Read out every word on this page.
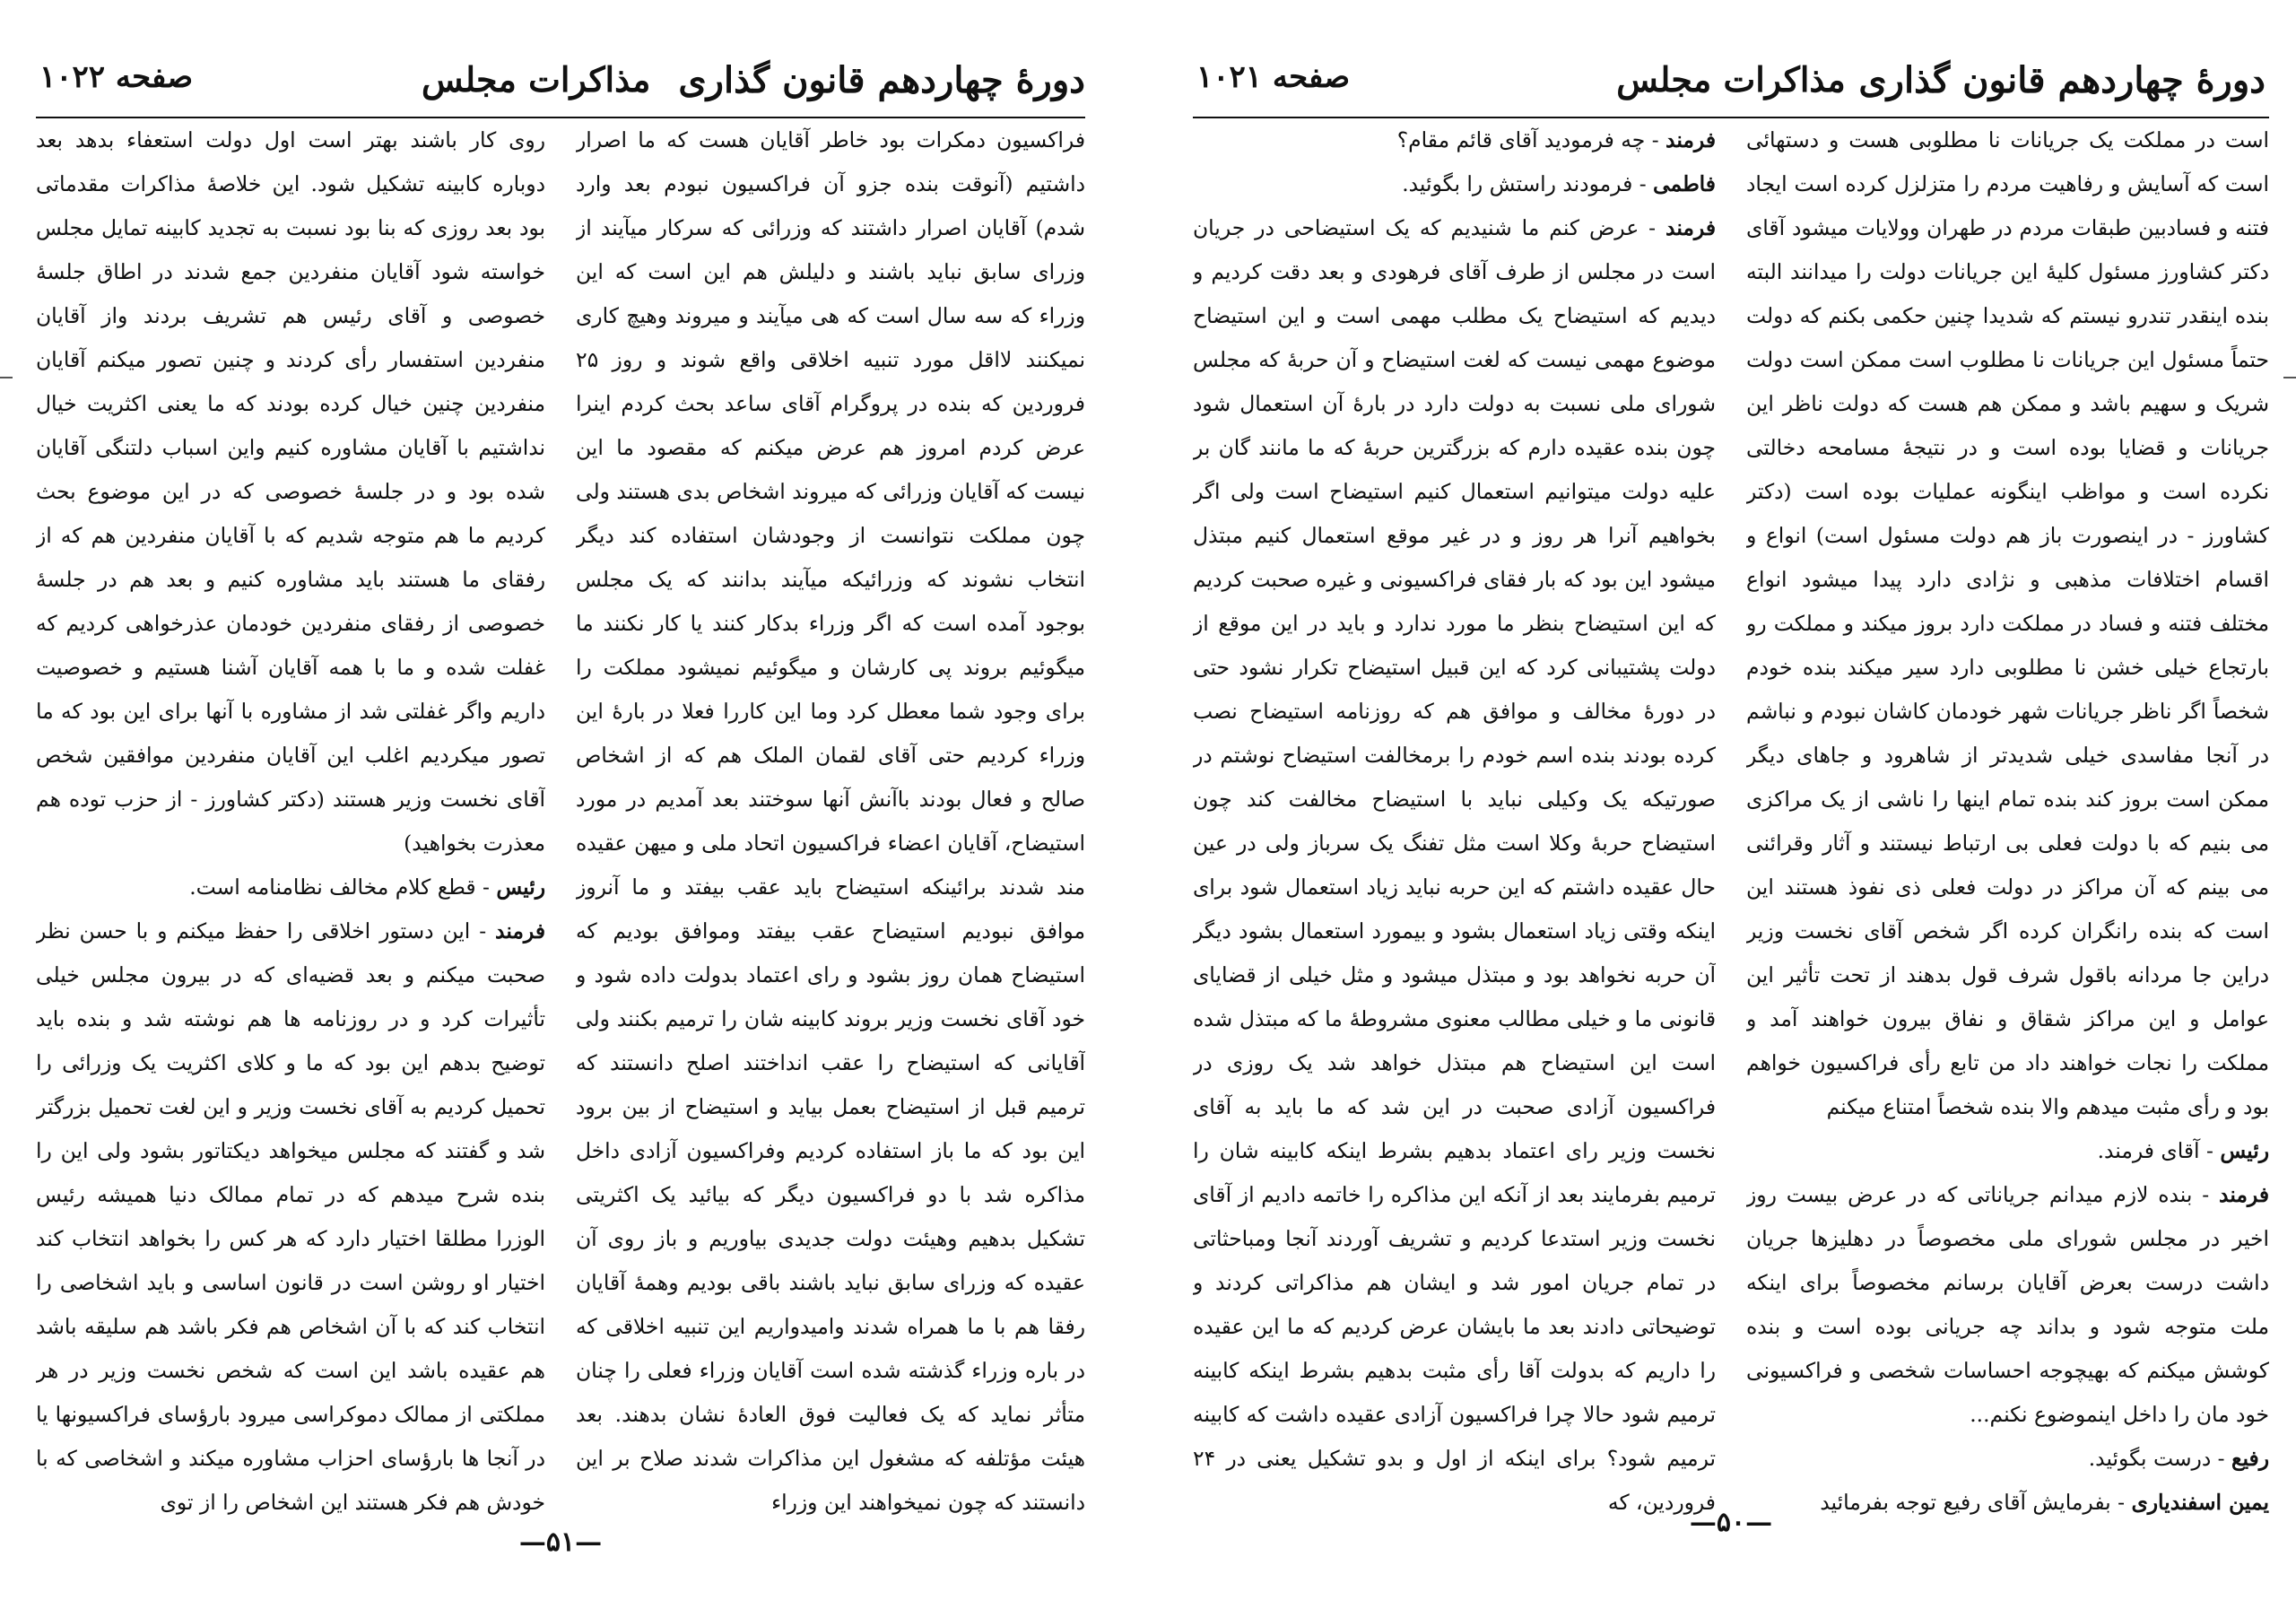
دورهٔ چهاردهم قانون گذاری
مذاکرات مجلس
صفحه ۱۰۲۲

فراکسیون دمکرات بود خاطر آقایان هست که ما اصرار داشتیم (آنوقت بنده جزو آن فراکسیون نبودم بعد وارد شدم) آقایان اصرار داشتند که وزرائی که سرکار میآیند از وزرای سابق نباید باشند و دلیلش هم این است که این وزراء که سه سال است که هی میآیند و میروند وهیچ کاری نمیکنند لااقل مورد تنبیه اخلاقی واقع شوند و روز ۲۵ فروردین که بنده در پروگرام آقای ساعد بحث کردم اینرا عرض کردم امروز هم عرض میکنم که مقصود ما این نیست که آقایان وزرائی که میروند اشخاص بدی هستند ولی چون مملکت نتوانست از وجودشان استفاده کند دیگر انتخاب نشوند که وزرائیکه میآیند بدانند که یک مجلس بوجود آمده است که اگر وزراء بدکار کنند یا کار نکنند ما میگوئیم بروند پی کارشان و میگوئیم نمیشود مملکت را برای وجود شما معطل کرد وما این کاررا فعلا در بارهٔ این وزراء کردیم حتی آقای لقمان الملک هم که از اشخاص صالح و فعال بودند باآنش آنها سوختند بعد آمدیم در مورد استیضاح، آقایان اعضاء فراکسیون اتحاد ملی و میهن عقیده مند شدند برائینکه استیضاح باید عقب بیفتد و ما آنروز موافق نبودیم استیضاح عقب بیفتد وموافق بودیم که استیضاح همان روز بشود و رای اعتماد بدولت داده شود و خود آقای نخست وزیر بروند کابینه شان را ترمیم بکنند ولی آقایانی که استیضاح را عقب انداختند اصلح دانستند که ترمیم قبل از استیضاح بعمل بیاید و استیضاح از بین برود این بود که ما باز استفاده کردیم وفراکسیون آزادی داخل مذاکره شد با دو فراکسیون دیگر که بیائید یک اکثریتی تشکیل بدهیم وهیئت دولت جدیدی بیاوریم و باز روی آن عقیده که وزرای سابق نباید باشند باقی بودیم وهمهٔ آقایان رفقا هم با ما همراه شدند وامیدواریم این تنبیه اخلاقی که در باره وزراء گذشته شده است آقایان وزراء فعلی را چنان متأثر نماید که یک فعالیت فوق العادهٔ نشان بدهند. بعد هیئت مؤتلفه که مشغول این مذاکرات شدند صلاح بر این دانستند که چون نمیخواهند این وزراء

روی کار باشند بهتر است اول دولت استعفاء بدهد بعد دوباره کابینه تشکیل شود. این خلاصهٔ مذاکرات مقدماتی بود بعد روزی که بنا بود نسبت به تجدید کابینه تمایل مجلس خواسته شود آقایان منفردین جمع شدند در اطاق جلسهٔ خصوصی و آقای رئیس هم تشریف بردند واز آقایان منفردین استفسار رأی کردند و چنین تصور میکنم آقایان منفردین چنین خیال کرده بودند که ما یعنی اکثریت خیال نداشتیم با آقایان مشاوره کنیم واین اسباب دلتنگی آقایان شده بود و در جلسهٔ خصوصی که در این موضوع بحث کردیم ما هم متوجه شدیم که با آقایان منفردین هم که از رفقای ما هستند باید مشاوره کنیم و بعد هم در جلسهٔ خصوصی از رفقای منفردین خودمان عذرخواهی کردیم که غفلت شده و ما با همه آقایان آشنا هستیم و خصوصیت داریم واگر غفلتی شد از مشاوره با آنها برای این بود که ما تصور میکردیم اغلب این آقایان منفردین موافقین شخص آقای نخست وزیر هستند (دکتر کشاورز - از حزب توده هم معذرت بخواهید)

رئیس - قطع کلام مخالف نظامنامه است.

فرمند - این دستور اخلاقی را حفظ میکنم و با حسن نظر صحبت میکنم و بعد قضیه‌ای که در بیرون مجلس خیلی تأثیرات کرد و در روزنامه ها هم نوشته شد و بنده باید توضیح بدهم این بود که ما و کلای اکثریت یک وزرائی را تحمیل کردیم به آقای نخست وزیر و این لغت تحمیل بزرگتر شد و گفتند که مجلس میخواهد دیکتاتور بشود ولی این را بنده شرح میدهم که در تمام ممالک دنیا همیشه رئیس الوزرا مطلقا اختیار دارد که هر کس را بخواهد انتخاب کند اختیار او روشن است در قانون اساسی و باید اشخاصی را انتخاب کند که با آن اشخاص هم فکر باشد هم سلیقه باشد هم عقیده باشد این است که شخص نخست وزیر در هر مملکتی از ممالک دموکراسی میرود بارؤسای فراکسیونها یا در آنجا ها بارؤسای احزاب مشاوره میکند و اشخاصی که با خودش هم فکر هستند این اشخاص را از توی

—۵۱—
دورهٔ چهاردهم قانون گذاری
مذاکرات مجلس
صفحه ۱۰۲۱

است در مملکت یک جریانات نا مطلوبی هست و دستهائی است که آسایش و رفاهیت مردم را متزلزل کرده است ایجاد فتنه و فسادبین طبقات مردم در طهران وولایات میشود آقای دکتر کشاورز مسئول کلیهٔ این جریانات دولت را میدانند البته بنده اینقدر تندرو نیستم که شدیدا چنین حکمی بکنم که دولت حتماً مسئول این جریانات نا مطلوب است ممکن است دولت شریک و سهیم باشد و ممکن هم هست که دولت ناظر این جریانات و قضایا بوده است و در نتیجهٔ مسامحه دخالتی نکرده است و مواظب اینگونه عملیات بوده است (دکتر کشاورز - در اینصورت باز هم دولت مسئول است) انواع و اقسام اختلافات مذهبی و نژادی دارد پیدا میشود انواع مختلف فتنه و فساد در مملکت دارد بروز میکند و مملکت رو بارتجاع خیلی خشن نا مطلوبی دارد سیر میکند بنده خودم شخصاً اگر ناظر جریانات شهر خودمان کاشان نبودم و نباشم در آنجا مفاسدی خیلی شدیدتر از شاهرود و جاهای دیگر ممکن است بروز کند بنده تمام اینها را ناشی از یک مراکزی می بنیم که با دولت فعلی بی ارتباط نیستند و آثار وقرائنی می بینم که آن مراکز در دولت فعلی ذی نفوذ هستند این است که بنده رانگران کرده اگر شخص آقای نخست وزیر دراین جا مردانه باقول شرف قول بدهند از تحت تأثیر این عوامل و این مراکز شقاق و نفاق بیرون خواهند آمد و مملکت را نجات خواهند داد من تابع رأی فراکسیون خواهم بود و رأی مثبت میدهم والا بنده شخصاً امتناع میکنم

رئیس - آقای فرمند.

فرمند - بنده لازم میدانم جریاناتی که در عرض بیست روز اخیر در مجلس شورای ملی مخصوصاً در دهلیزها جریان داشت درست بعرض آقایان برسانم مخصوصاً برای اینکه ملت متوجه شود و بداند چه جریانی بوده است و بنده کوشش میکنم که بهیچوجه احساسات شخصی و فراکسیونی خود مان را داخل اینموضوع نکنم...

رفیع - درست بگوئید.

یمین اسفندیاری - بفرمایش آقای رفیع توجه بفرمائید

فرمند - چه فرمودید آقای قائم مقام؟

فاطمی - فرمودند راستش را بگوئید.

فرمند - عرض کنم ما شنیدیم که یک استیضاحی در جریان است در مجلس از طرف آقای فرهودی و بعد دقت کردیم و دیدیم که استیضاح یک مطلب مهمی است و این استیضاح موضوع مهمی نیست که لغت استیضاح و آن حربهٔ که مجلس شورای ملی نسبت به دولت دارد در بارهٔ آن استعمال شود چون بنده عقیده دارم که بزرگترین حربهٔ که ما مانند گان بر علیه دولت میتوانیم استعمال کنیم استیضاح است ولی اگر بخواهیم آنرا هر روز و در غیر موقع استعمال کنیم مبتذل میشود این بود که بار فقای فراکسیونی و غیره صحبت کردیم که این استیضاح بنظر ما مورد ندارد و باید در این موقع از دولت پشتیبانی کرد که این قبیل استیضاح تکرار نشود حتی در دورهٔ مخالف و موافق هم که روزنامه استیضاح نصب کرده بودند بنده اسم خودم را برمخالفت استیضاح نوشتم در صورتیکه یک وکیلی نباید با استیضاح مخالفت کند چون استیضاح حربهٔ وکلا است مثل تفنگ یک سرباز ولی در عین حال عقیده داشتم که این حربه نباید زیاد استعمال شود برای اینکه وقتی زیاد استعمال بشود و بیمورد استعمال بشود دیگر آن حربه نخواهد بود و مبتذل میشود و مثل خیلی از قضایای قانونی ما و خیلی مطالب معنوی مشروطهٔ ما که مبتذل شده است این استیضاح هم مبتذل خواهد شد یک روزی در فراکسیون آزادی صحبت در این شد که ما باید به آقای نخست وزیر رای اعتماد بدهیم بشرط اینکه کابینه شان را ترمیم بفرمایند بعد از آنکه این مذاکره را خاتمه دادیم از آقای نخست وزیر استدعا کردیم و تشریف آوردند آنجا ومباحثاتی در تمام جریان امور شد و ایشان هم مذاکراتی کردند و توضیحاتی دادند بعد ما بایشان عرض کردیم که ما این عقیده را داریم که بدولت آقا رأی مثبت بدهیم بشرط اینکه کابینه ترمیم شود حالا چرا فراکسیون آزادی عقیده داشت که کابینه ترمیم شود؟ برای اینکه از اول و بدو تشکیل یعنی در ۲۴ فروردین، که

—۵۰—
